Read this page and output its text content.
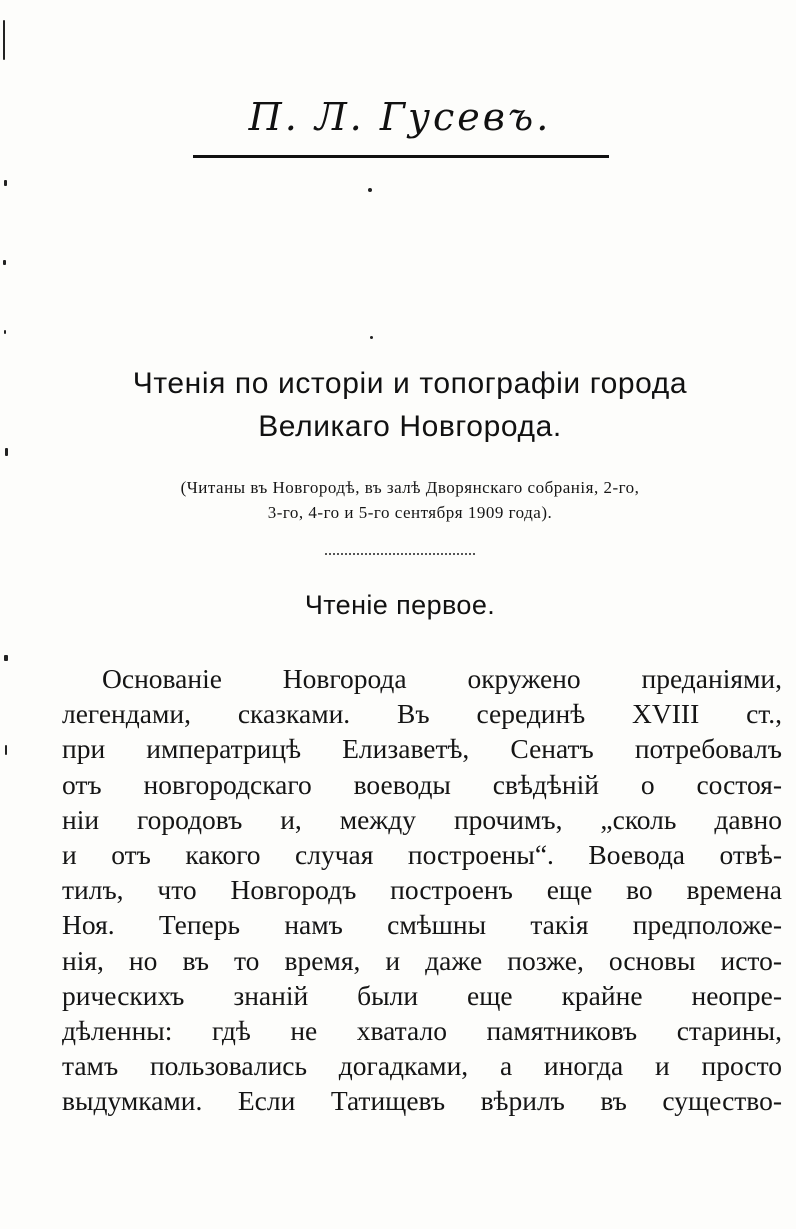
П. Л. Гусевъ.
Чтенія по исторіи и топографіи города
Великаго Новгорода.
(Читаны въ Новгородѣ, въ залѣ Дворянскаго собранія, 2-го,
3-го, 4-го и 5-го сентября 1909 года).
Чтеніе первое.
Основаніе Новгорода окружено преданіями,
легендами, сказками. Въ серединѣ XVIII ст.,
при императрицѣ Елизаветѣ, Сенатъ потребовалъ
отъ новгородскаго воеводы свѣдѣній о состоя-
ніи городовъ и, между прочимъ, „сколь давно
и отъ какого случая построены“. Воевода отвѣ-
тилъ, что Новгородъ построенъ еще во времена
Ноя. Теперь намъ смѣшны такія предположе-
нія, но въ то время, и даже позже, основы исто-
рическихъ знаній были еще крайне неопре-
дѣленны: гдѣ не хватало памятниковъ старины,
тамъ пользовались догадками, а иногда и просто
выдумками. Если Татищевъ вѣрилъ въ существо-
